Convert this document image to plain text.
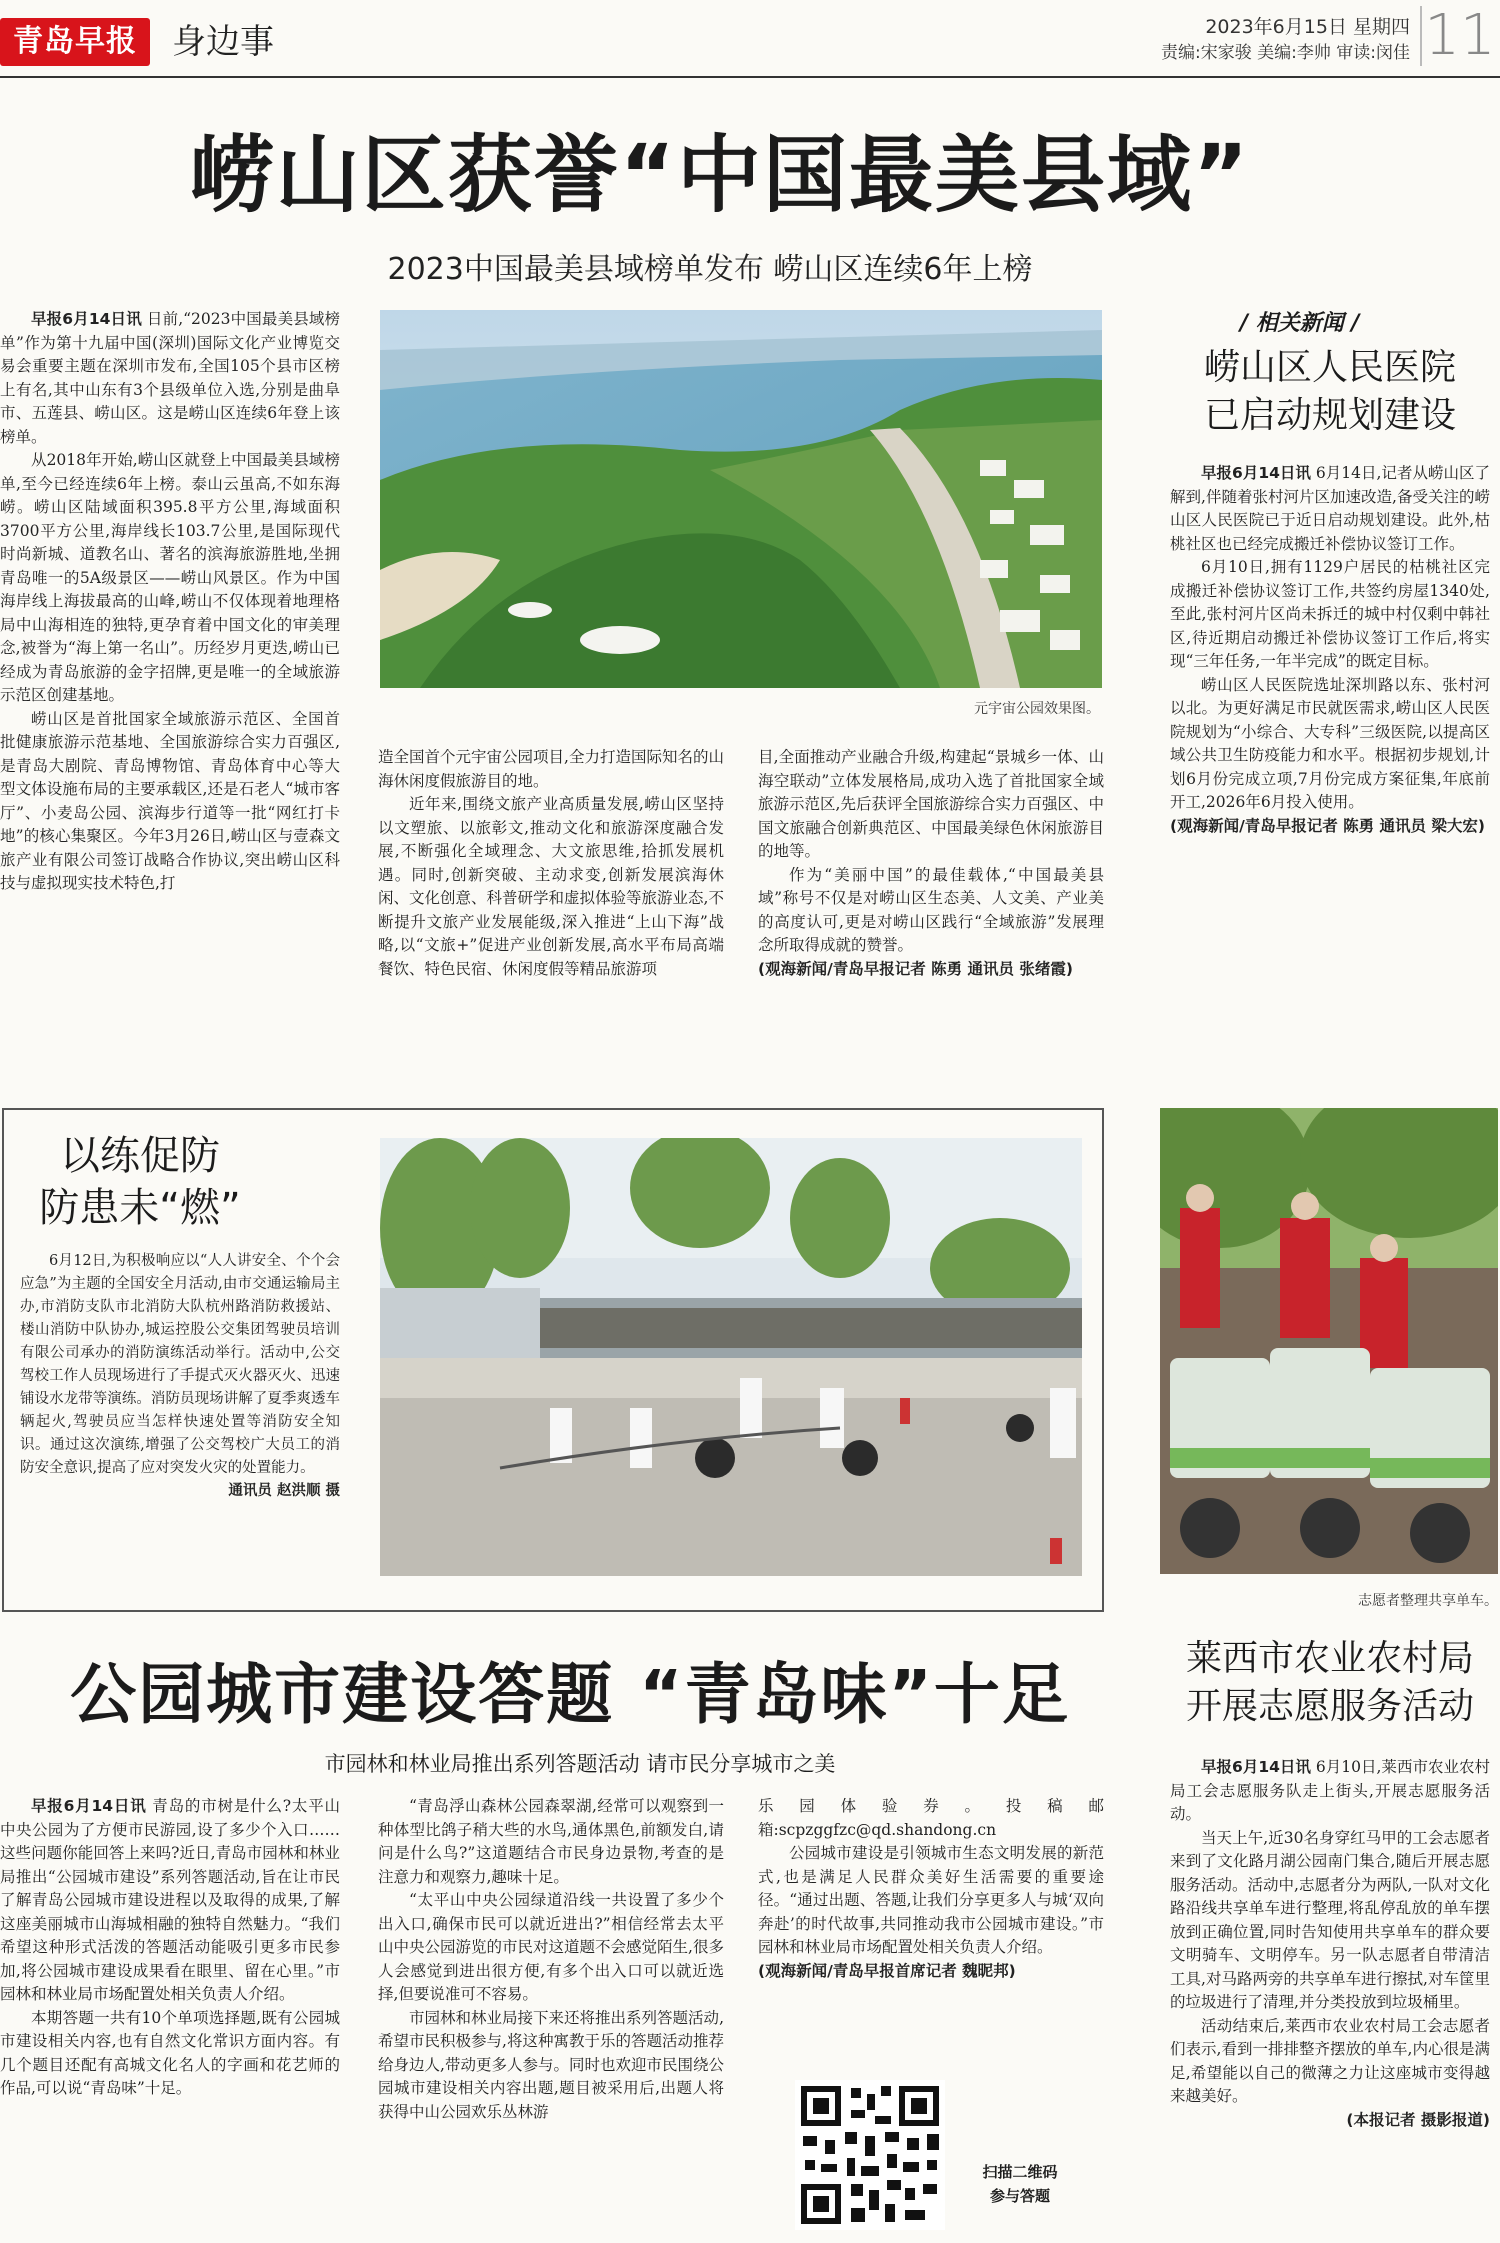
青岛早报	身边事	2023年6月15日 星期四
责编:宋家骏 美编:李帅 审读:闵佳 11
崂山区获誉“中国最美县域”
2023中国最美县域榜单发布 崂山区连续6年上榜

早报6月14日讯 日前,“2023中国最美县域榜单”作为第十九届中国(深圳)国际文化产业博览交易会重要主题在深圳市发布,全国105个县市区榜上有名,其中山东有3个县级单位入选,分别是曲阜市、五莲县、崂山区。这是崂山区连续6年登上该榜单。

从2018年开始,崂山区就登上中国最美县域榜单,至今已经连续6年上榜。泰山云虽高,不如东海崂。崂山区陆域面积395.8平方公里,海域面积3700平方公里,海岸线长103.7公里,是国际现代时尚新城、道教名山、著名的滨海旅游胜地,坐拥青岛唯一的5A级景区——崂山风景区。作为中国海岸线上海拔最高的山峰,崂山不仅体现着地理格局中山海相连的独特,更孕育着中国文化的审美理念,被誉为“海上第一名山”。历经岁月更迭,崂山已经成为青岛旅游的金字招牌,更是唯一的全域旅游示范区创建基地。

崂山区是首批国家全域旅游示范区、全国首批健康旅游示范基地、全国旅游综合实力百强区,是青岛大剧院、青岛博物馆、青岛体育中心等大型文体设施布局的主要承载区,还是石老人“城市客厅”、小麦岛公园、滨海步行道等一批“网红打卡地”的核心集聚区。今年3月26日,崂山区与壹森文旅产业有限公司签订战略合作协议,突出崂山区科技与虚拟现实技术特色,打

元宇宙公园效果图。

造全国首个元宇宙公园项目,全力打造国际知名的山海休闲度假旅游目的地。

近年来,围绕文旅产业高质量发展,崂山区坚持以文塑旅、以旅彰文,推动文化和旅游深度融合发展,不断强化全域理念、大文旅思维,拾抓发展机遇。同时,创新突破、主动求变,创新发展滨海休闲、文化创意、科普研学和虚拟体验等旅游业态,不断提升文旅产业发展能级,深入推进“上山下海”战略,以“文旅+”促进产业创新发展,高水平布局高端餐饮、特色民宿、休闲度假等精品旅游项

目,全面推动产业融合升级,构建起“景城乡一体、山海空联动”立体发展格局,成功入选了首批国家全域旅游示范区,先后获评全国旅游综合实力百强区、中国文旅融合创新典范区、中国最美绿色休闲旅游目的地等。

作为“美丽中国”的最佳载体,“中国最美县域”称号不仅是对崂山区生态美、人文美、产业美的高度认可,更是对崂山区践行“全域旅游”发展理念所取得成就的赞誉。

(观海新闻/青岛早报记者 陈勇 通讯员 张绪霞)

/ 相关新闻 /
崂山区人民医院
已启动规划建设

早报6月14日讯 6月14日,记者从崂山区了解到,伴随着张村河片区加速改造,备受关注的崂山区人民医院已于近日启动规划建设。此外,枯桃社区也已经完成搬迁补偿协议签订工作。

6月10日,拥有1129户居民的枯桃社区完成搬迁补偿协议签订工作,共签约房屋1340处,至此,张村河片区尚未拆迁的城中村仅剩中韩社区,待近期启动搬迁补偿协议签订工作后,将实现“三年任务,一年半完成”的既定目标。

崂山区人民医院选址深圳路以东、张村河以北。为更好满足市民就医需求,崂山区人民医院规划为“小综合、大专科”三级医院,以提高区域公共卫生防疫能力和水平。根据初步规划,计划6月份完成立项,7月份完成方案征集,年底前开工,2026年6月投入使用。

(观海新闻/青岛早报记者 陈勇 通讯员 梁大宏)

以练促防
防患未“燃”

6月12日,为积极响应以“人人讲安全、个个会应急”为主题的全国安全月活动,由市交通运输局主办,市消防支队市北消防大队杭州路消防救援站、楼山消防中队协办,城运控股公交集团驾驶员培训有限公司承办的消防演练活动举行。活动中,公交驾校工作人员现场进行了手提式灭火器灭火、迅速铺设水龙带等演练。消防员现场讲解了夏季爽透车辆起火,驾驶员应当怎样快速处置等消防安全知识。通过这次演练,增强了公交驾校广大员工的消防安全意识,提高了应对突发火灾的处置能力。

通讯员 赵洪顺 摄

志愿者整理共享单车。
莱西市农业农村局
开展志愿服务活动

早报6月14日讯 6月10日,莱西市农业农村局工会志愿服务队走上街头,开展志愿服务活动。

当天上午,近30名身穿红马甲的工会志愿者来到了文化路月湖公园南门集合,随后开展志愿服务活动。活动中,志愿者分为两队,一队对文化路沿线共享单车进行整理,将乱停乱放的单车摆放到正确位置,同时告知使用共享单车的群众要文明骑车、文明停车。另一队志愿者自带清洁工具,对马路两旁的共享单车进行擦拭,对车筐里的垃圾进行了清理,并分类投放到垃圾桶里。

活动结束后,莱西市农业农村局工会志愿者们表示,看到一排排整齐摆放的单车,内心很是满足,希望能以自己的微薄之力让这座城市变得越来越美好。

(本报记者 摄影报道)

公园城市建设答题 “青岛味”十足
市园林和林业局推出系列答题活动 请市民分享城市之美

早报6月14日讯 青岛的市树是什么?太平山中央公园为了方便市民游园,设了多少个入口……这些问题你能回答上来吗?近日,青岛市园林和林业局推出“公园城市建设”系列答题活动,旨在让市民了解青岛公园城市建设进程以及取得的成果,了解这座美丽城市山海城相融的独特自然魅力。“我们希望这种形式活泼的答题活动能吸引更多市民参加,将公园城市建设成果看在眼里、留在心里。”市园林和林业局市场配置处相关负责人介绍。

本期答题一共有10个单项选择题,既有公园城市建设相关内容,也有自然文化常识方面内容。有几个题目还配有高城文化名人的字画和花艺师的作品,可以说“青岛味”十足。

“青岛浮山森林公园森翠湖,经常可以观察到一种体型比鸽子稍大些的水鸟,通体黑色,前额发白,请问是什么鸟?”这道题结合市民身边景物,考查的是注意力和观察力,趣味十足。

“太平山中央公园绿道沿线一共设置了多少个出入口,确保市民可以就近进出?”相信经常去太平山中央公园游览的市民对这道题不会感觉陌生,很多人会感觉到进出很方便,有多个出入口可以就近选择,但要说准可不容易。

市园林和林业局接下来还将推出系列答题活动,希望市民积极参与,将这种寓教于乐的答题活动推荐给身边人,带动更多人参与。同时也欢迎市民围绕公园城市建设相关内容出题,题目被采用后,出题人将获得中山公园欢乐丛林游

乐园体验券。投稿邮箱:scpzggfzc@qd.shandong.cn

公园城市建设是引领城市生态文明发展的新范式,也是满足人民群众美好生活需要的重要途径。“通过出题、答题,让我们分享更多人与城‘双向奔赴’的时代故事,共同推动我市公园城市建设。”市园林和林业局市场配置处相关负责人介绍。

(观海新闻/青岛早报首席记者 魏昵邦)

扫描二维码
参与答题
